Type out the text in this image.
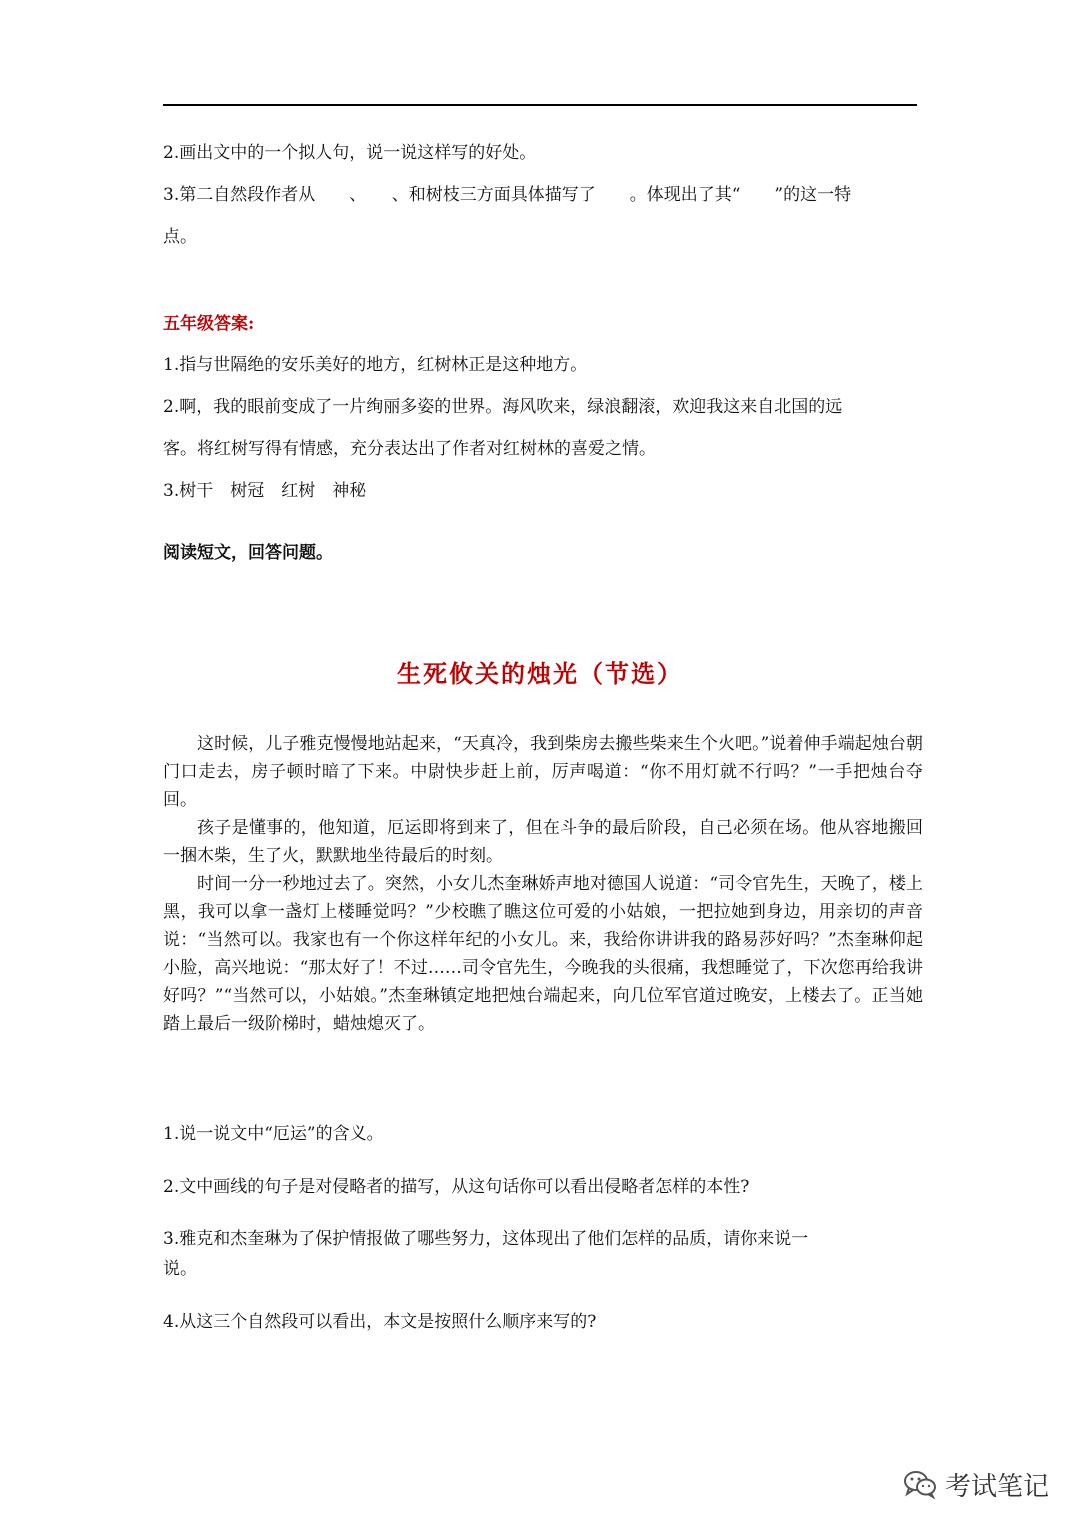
2.画出文中的一个拟人句，说一说这样写的好处。
3.第二自然段作者从　　、　　、和树枝三方面具体描写了　　。体现出了其“　　”的这一特
点。
五年级答案:
1.指与世隔绝的安乐美好的地方，红树林正是这种地方。
2.啊，我的眼前变成了一片绚丽多姿的世界。海风吹来，绿浪翻滚，欢迎我这来自北国的远
客。将红树写得有情感，充分表达出了作者对红树林的喜爱之情。
3.树干　树冠　红树　神秘
阅读短文，回答问题。
生死攸关的烛光（节选）
这时候，儿子雅克慢慢地站起来，“天真冷，我到柴房去搬些柴来生个火吧。”说着伸手端起烛台朝门口走去，房子顿时暗了下来。中尉快步赶上前，厉声喝道：“你不用灯就不行吗？”一手把烛台夺回。
孩子是懂事的，他知道，厄运即将到来了，但在斗争的最后阶段，自己必须在场。他从容地搬回一捆木柴，生了火，默默地坐待最后的时刻。
时间一分一秒地过去了。突然，小女儿杰奎琳娇声地对德国人说道：“司令官先生，天晚了，楼上黑，我可以拿一盏灯上楼睡觉吗？”少校瞧了瞧这位可爱的小姑娘，一把拉她到身边，用亲切的声音说：“当然可以。我家也有一个你这样年纪的小女儿。来，我给你讲讲我的路易莎好吗？”杰奎琳仰起小脸，高兴地说：“那太好了！不过……司令官先生，今晚我的头很痛，我想睡觉了，下次您再给我讲好吗？”“当然可以，小姑娘。”杰奎琳镇定地把烛台端起来，向几位军官道过晚安，上楼去了。正当她踏上最后一级阶梯时，蜡烛熄灭了。
1.说一说文中“厄运”的含义。
2.文中画线的句子是对侵略者的描写，从这句话你可以看出侵略者怎样的本性?
3.雅克和杰奎琳为了保护情报做了哪些努力，这体现出了他们怎样的品质，请你来说一
说。
4.从这三个自然段可以看出，本文是按照什么顺序来写的?
考试笔记
